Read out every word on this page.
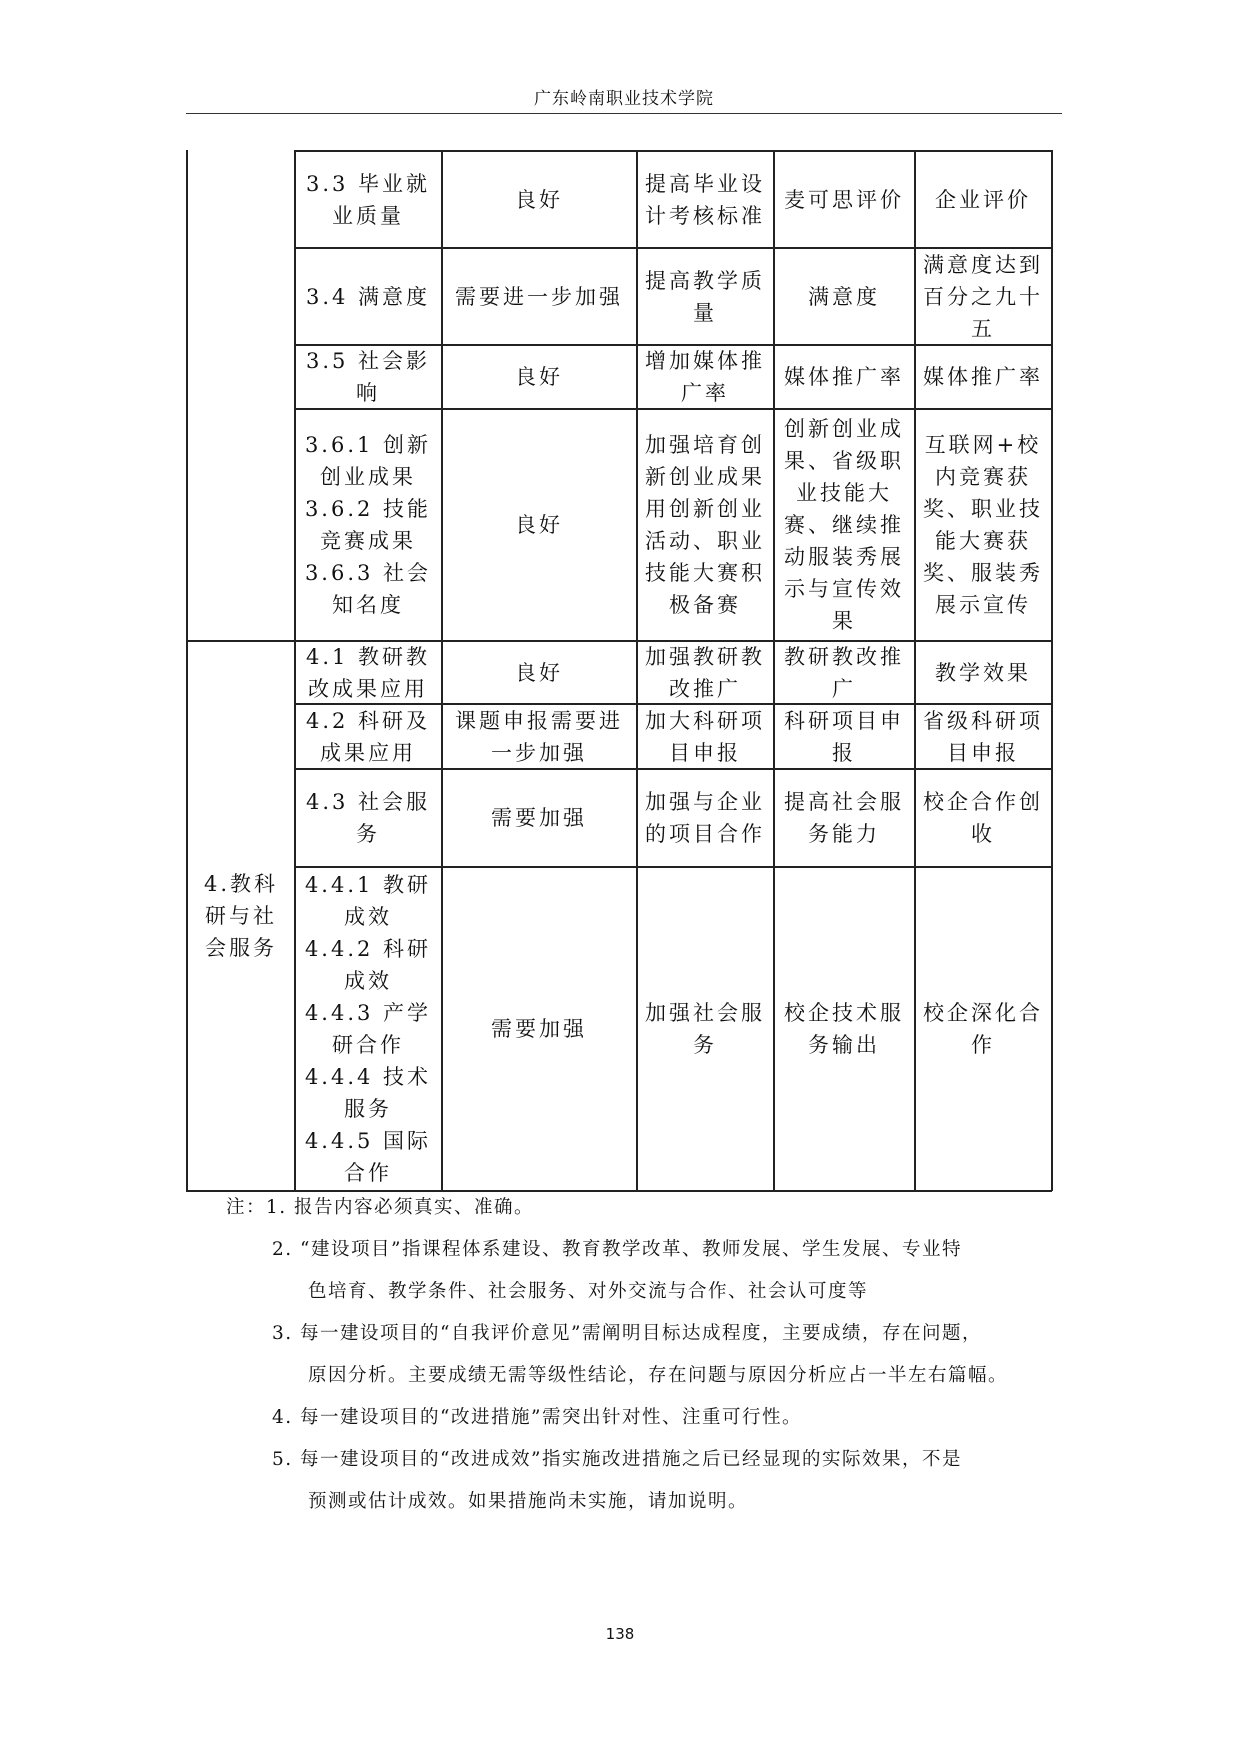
广东岭南职业技术学院
3.3 毕业就业质量
良好
提高毕业设计考核标准
麦可思评价 企业评价
3.4 满意度 需要进一步加强
提高教学质量
满意度
满意度达到百分之九十五
3.5 社会影响
良好
增加媒体推广率
媒体推广率 媒体推广率
3.6.1 创新
创业成果
3.6.2 技能
竞赛成果
3.6.3 社会
知名度
良好
加强培育创新创业成果用创新创业活动、职业技能大赛积极备赛
创新创业成果、省级职业技能大赛、继续推动服装秀展示与宣传效果
互联网+校内竞赛获奖、职业技能大赛获奖、服装秀展示宣传
4.教科研与社会服务
4.1 教研教改成果应用
良好
加强教研教改推广
教研教改推广
教学效果
4.2 科研及成果应用
课题申报需要进一步加强
加大科研项目申报
科研项目申报
省级科研项目申报
4.3 社会服务
需要加强
加强与企业的项目合作
提高社会服务能力
校企合作创收
4.4.1 教研
成效
4.4.2 科研
成效
4.4.3 产学
研合作
4.4.4 技术
服务
4.4.5 国际
合作
需要加强
加强社会服务
校企技术服务输出
校企深化合作
注：1. 报告内容必须真实、准确。
2. “建设项目”指课程体系建设、教育教学改革、教师发展、学生发展、专业特
色培育、教学条件、社会服务、对外交流与合作、社会认可度等
3. 每一建设项目的“自我评价意见”需阐明目标达成程度，主要成绩，存在问题，
原因分析。主要成绩无需等级性结论，存在问题与原因分析应占一半左右篇幅。
4. 每一建设项目的“改进措施”需突出针对性、注重可行性。
5. 每一建设项目的“改进成效”指实施改进措施之后已经显现的实际效果，不是
预测或估计成效。如果措施尚未实施，请加说明。
138
